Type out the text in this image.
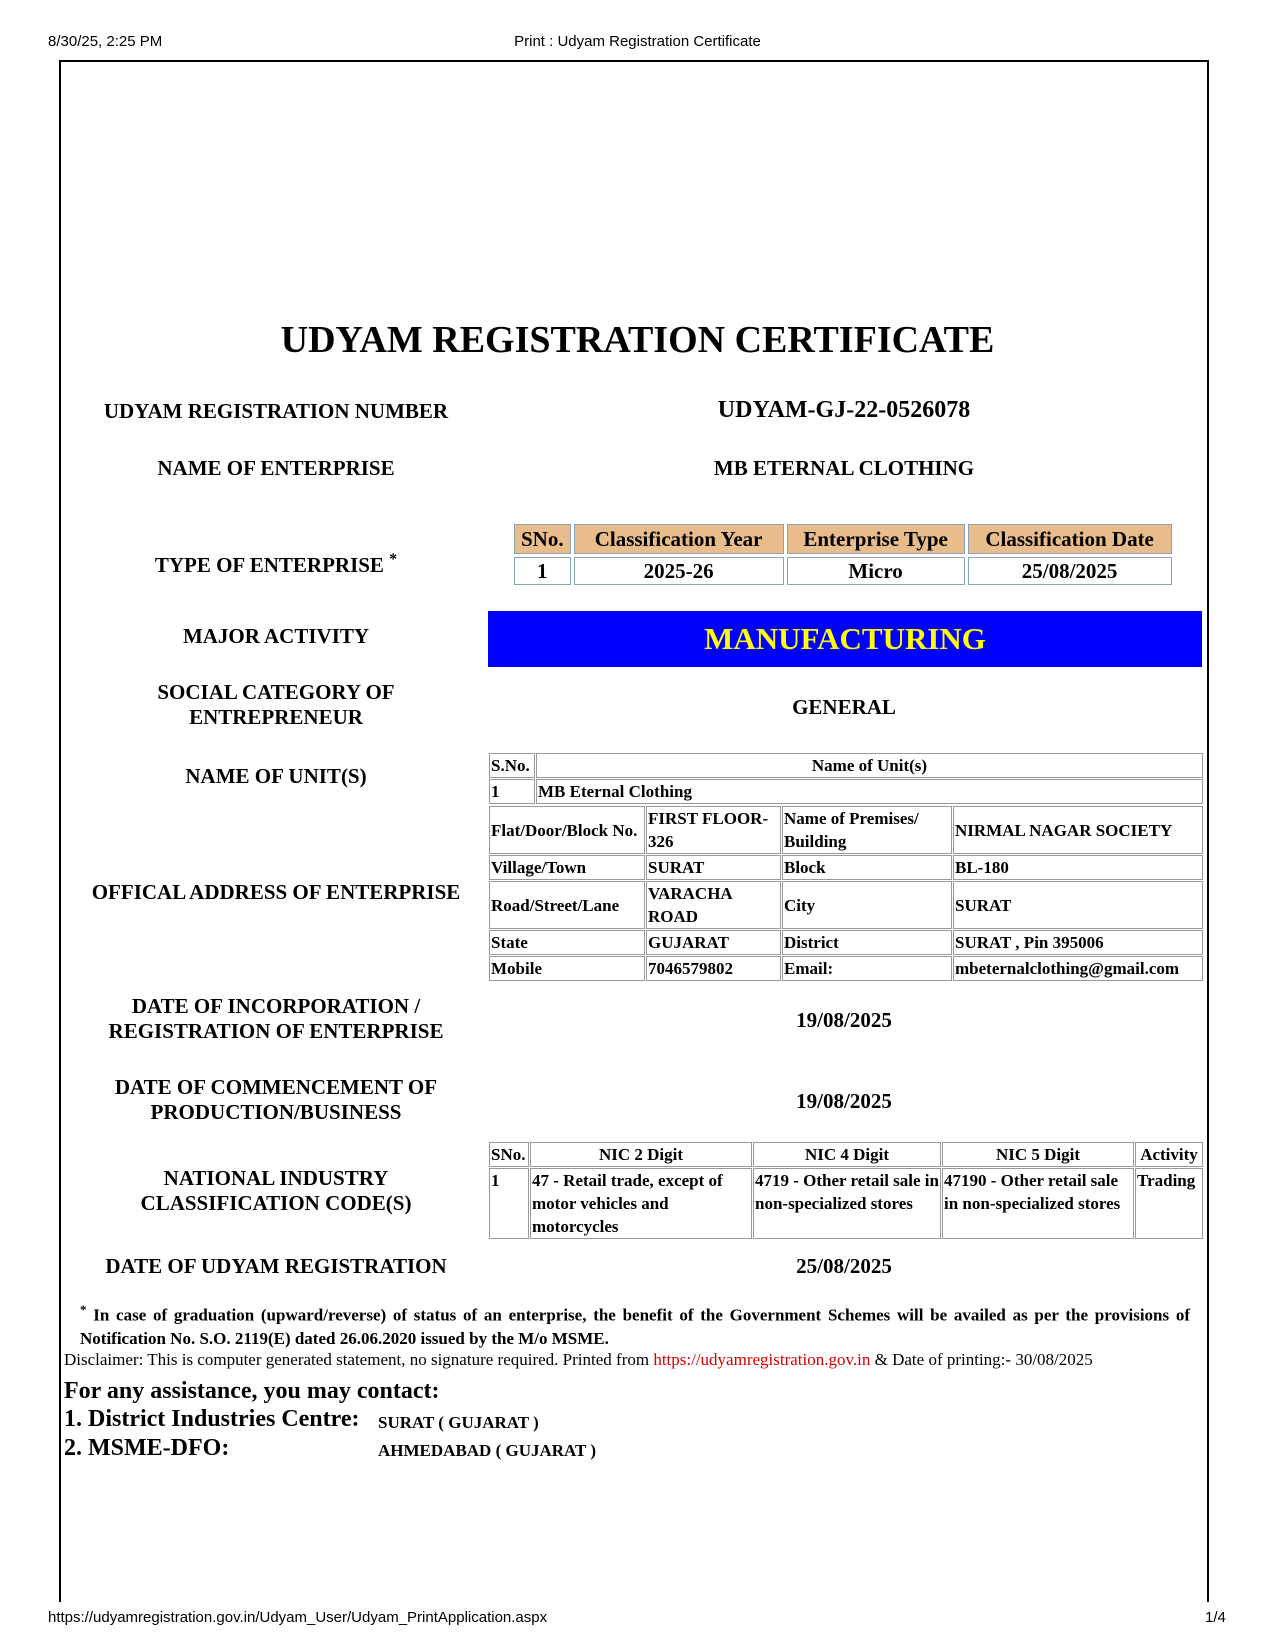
8/30/25, 2:25 PM	Print : Udyam Registration Certificate
UDYAM REGISTRATION CERTIFICATE
UDYAM REGISTRATION NUMBER	UDYAM-GJ-22-0526078
NAME OF ENTERPRISE	MB ETERNAL CLOTHING
TYPE OF ENTERPRISE *
SNo.	Classification Year	Enterprise Type	Classification Date
1	2025-26	Micro	25/08/2025
MAJOR ACTIVITY	MANUFACTURING
SOCIAL CATEGORY OF
ENTREPRENEUR	GENERAL
NAME OF UNIT(S)	S.No.	Name of Unit(s)
1	MB Eternal Clothing
OFFICAL ADDRESS OF ENTERPRISE
Flat/Door/Block No.	FIRST FLOOR-326	Name of Premises/ Building	NIRMAL NAGAR SOCIETY
Village/Town	SURAT	Block	BL-180
Road/Street/Lane	VARACHA ROAD	City	SURAT
State	GUJARAT	District	SURAT , Pin 395006
Mobile	7046579802	Email:	mbeternalclothing@gmail.com
DATE OF INCORPORATION /
REGISTRATION OF ENTERPRISE	19/08/2025
DATE OF COMMENCEMENT OF
PRODUCTION/BUSINESS	19/08/2025
NATIONAL INDUSTRY
CLASSIFICATION CODE(S)
SNo.	NIC 2 Digit	NIC 4 Digit	NIC 5 Digit	Activity
1	47 - Retail trade, except of motor vehicles and motorcycles	4719 - Other retail sale in non-specialized stores	47190 - Other retail sale in non-specialized stores	Trading
DATE OF UDYAM REGISTRATION	25/08/2025
* In case of graduation (upward/reverse) of status of an enterprise, the benefit of the Government Schemes will be availed as per the provisions of Notification No. S.O. 2119(E) dated 26.06.2020 issued by the M/o MSME.
Disclaimer: This is computer generated statement, no signature required. Printed from https://udyamregistration.gov.in & Date of printing:- 30/08/2025
For any assistance, you may contact:
1. District Industries Centre: SURAT ( GUJARAT )
2. MSME-DFO:	AHMEDABAD ( GUJARAT )
https://udyamregistration.gov.in/Udyam_User/Udyam_PrintApplication.aspx	1/4
